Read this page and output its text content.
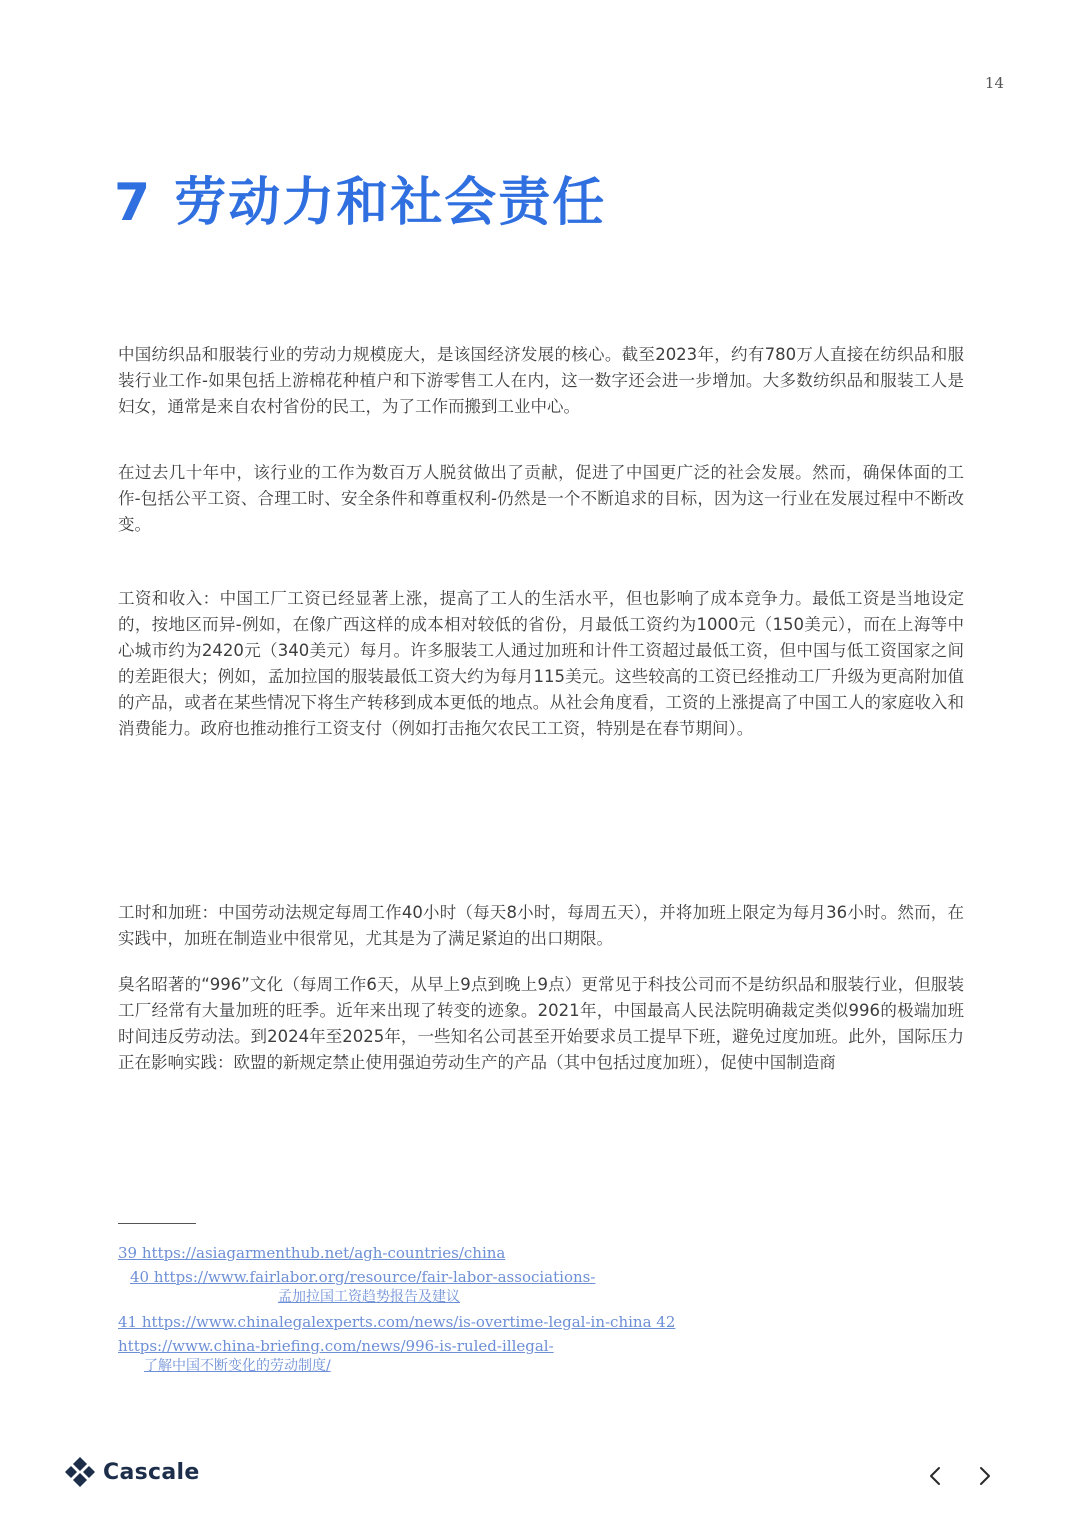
14
7 劳动力和社会责任

中国纺织品和服装行业的劳动力规模庞大，是该国经济发展的核心。截至2023年，约有780万人直接在纺织品和服装行业工作-如果包括上游棉花种植户和下游零售工人在内，这一数字还会进一步增加。大多数纺织品和服装工人是妇女，通常是来自农村省份的民工，为了工作而搬到工业中心。

在过去几十年中，该行业的工作为数百万人脱贫做出了贡献，促进了中国更广泛的社会发展。然而，确保体面的工作-包括公平工资、合理工时、安全条件和尊重权利-仍然是一个不断追求的目标，因为这一行业在发展过程中不断改变。

工资和收入：中国工厂工资已经显著上涨，提高了工人的生活水平，但也影响了成本竞争力。最低工资是当地设定的，按地区而异-例如，在像广西这样的成本相对较低的省份，月最低工资约为1000元（150美元），而在上海等中心城市约为2420元（340美元）每月。许多服装工人通过加班和计件工资超过最低工资，但中国与低工资国家之间的差距很大；例如，孟加拉国的服装最低工资大约为每月115美元。这些较高的工资已经推动工厂升级为更高附加值的产品，或者在某些情况下将生产转移到成本更低的地点。从社会角度看，工资的上涨提高了中国工人的家庭收入和消费能力。政府也推动推行工资支付（例如打击拖欠农民工工资，特别是在春节期间）。

工时和加班：中国劳动法规定每周工作40小时（每天8小时，每周五天），并将加班上限定为每月36小时。然而，在实践中，加班在制造业中很常见，尤其是为了满足紧迫的出口期限。

臭名昭著的“996”文化（每周工作6天，从早上9点到晚上9点）更常见于科技公司而不是纺织品和服装行业，但服装工厂经常有大量加班的旺季。近年来出现了转变的迹象。2021年，中国最高人民法院明确裁定类似996的极端加班时间违反劳动法。到2024年至2025年，一些知名公司甚至开始要求员工提早下班，避免过度加班。此外，国际压力正在影响实践：欧盟的新规定禁止使用强迫劳动生产的产品（其中包括过度加班），促使中国制造商

39 https://asiagarmenthub.net/agh-countries/china
40 https://www.fairlabor.org/resource/fair-labor-associations-
孟加拉国工资趋势报告及建议
41 https://www.chinalegalexperts.com/news/is-overtime-legal-in-china 42
https://www.china-briefing.com/news/996-is-ruled-illegal-
了解中国不断变化的劳动制度/
Cascale
